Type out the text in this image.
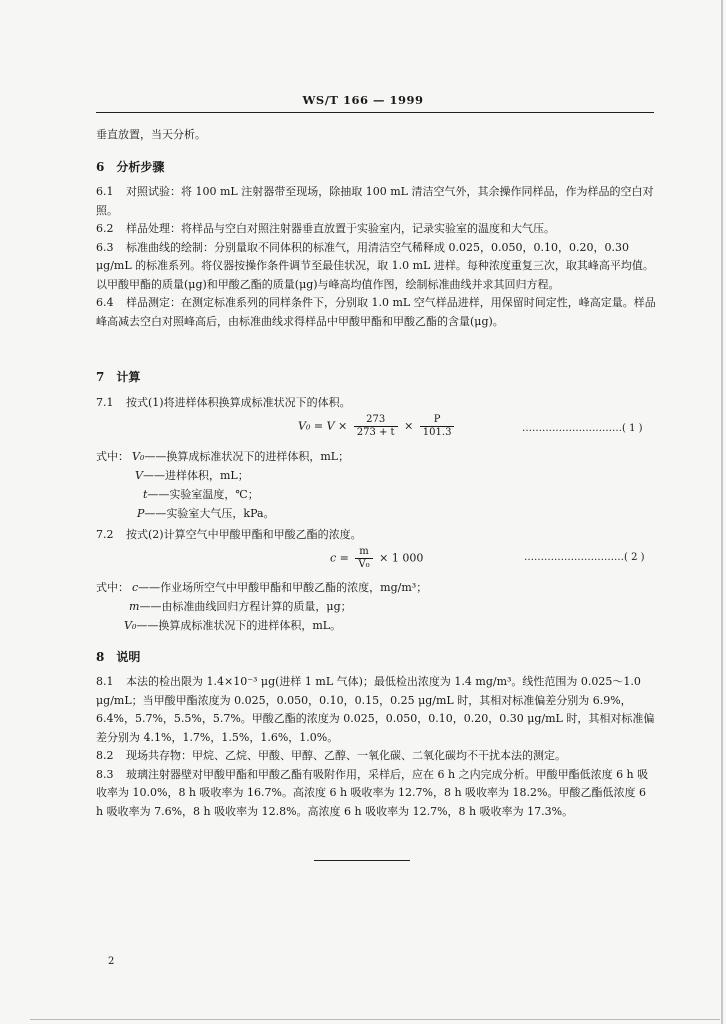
WS/T 166 — 1999

垂直放置，当天分析。

6 分析步骤

6.1 对照试验：将 100 mL 注射器带至现场，除抽取 100 mL 清洁空气外，其余操作同样品，作为样品的空白对照。

6.2 样品处理：将样品与空白对照注射器垂直放置于实验室内，记录实验室的温度和大气压。

6.3 标准曲线的绘制：分别量取不同体积的标准气，用清洁空气稀释成 0.025，0.050，0.10，0.20，0.30 μg/mL 的标准系列。将仪器按操作条件调节至最佳状况，取 1.0 mL 进样。每种浓度重复三次，取其峰高平均值。以甲酸甲酯的质量(μg)和甲酸乙酯的质量(μg)与峰高均值作图，绘制标准曲线并求其回归方程。

6.4 样品测定：在测定标准系列的同样条件下，分别取 1.0 mL 空气样品进样，用保留时间定性，峰高定量。样品峰高减去空白对照峰高后，由标准曲线求得样品中甲酸甲酯和甲酸乙酯的含量(μg)。

7 计算

7.1 按式(1)将进样体积换算成标准状况下的体积。

$V_0 = V \times \frac{273}{273 + t} \times \frac{P}{101.3}$	…………………………( 1 )
式中： V₀——换算成标准状况下的进样体积，mL；
V——进样体积，mL；
t——实验室温度，℃；
P——实验室大气压，kPa。

7.2 按式(2)计算空气中甲酸甲酯和甲酸乙酯的浓度。

$c = \frac{m}{\text{V₀}} \times 1$ 000	…………………………( 2 )
式中： c——作业场所空气中甲酸甲酯和甲酸乙酯的浓度，mg/m³；
m——由标准曲线回归方程计算的质量，μg；
V₀——换算成标准状况下的进样体积，mL。
8 说明

8.1 本法的检出限为 1.4×10⁻³ μg(进样 1 mL 气体)；最低检出浓度为 1.4 mg/m³。线性范围为 0.025～1.0 μg/mL；当甲酸甲酯浓度为 0.025，0.050，0.10，0.15，0.25 μg/mL 时，其相对标准偏差分别为 6.9%，6.4%，5.7%，5.5%，5.7%。甲酸乙酯的浓度为 0.025，0.050，0.10，0.20，0.30 μg/mL 时，其相对标准偏差分别为 4.1%，1.7%，1.5%，1.6%，1.0%。

8.2 现场共存物：甲烷、乙烷、甲酸、甲醇、乙醇、一氧化碳、二氧化碳均不干扰本法的测定。

8.3 玻璃注射器壁对甲酸甲酯和甲酸乙酯有吸附作用，采样后，应在 6 h 之内完成分析。甲酸甲酯低浓度 6 h 吸收率为 10.0%，8 h 吸收率为 16.7%。高浓度 6 h 吸收率为 12.7%，8 h 吸收率为 18.2%。甲酸乙酯低浓度 6 h 吸收率为 7.6%，8 h 吸收率为 12.8%。高浓度 6 h 吸收率为 12.7%，8 h 吸收率为 17.3%。

2
